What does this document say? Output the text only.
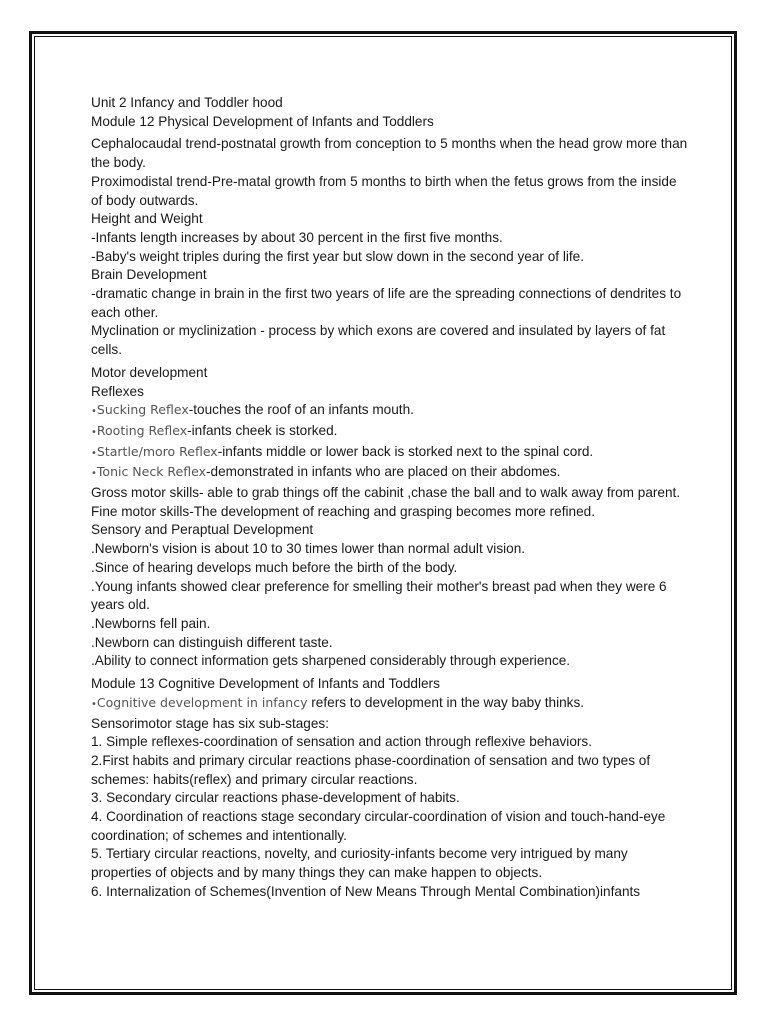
Unit 2 Infancy and Toddler hood

Module 12 Physical Development of Infants and Toddlers

Cephalocaudal trend-postnatal growth from conception to 5 months when the head grow more than the body.

Proximodistal trend-Pre-matal growth from 5 months to birth when the fetus grows from the inside of body outwards.

Height and Weight

-Infants length increases by about 30 percent in the first five months.

-Baby's weight triples during the first year but slow down in the second year of life.

Brain Development

-dramatic change in brain in the first two years of life are the spreading connections of dendrites to each other.

Myclination or myclinization - process by which exons are covered and insulated by layers of fat cells.

Motor development

Reflexes

•Sucking Reflex-touches the roof of an infants mouth.

•Rooting Reflex-infants cheek is storked.

•Startle/moro Reflex-infants middle or lower back is storked next to the spinal cord.

•Tonic Neck Reflex-demonstrated in infants who are placed on their abdomes.

Gross motor skills- able to grab things off the cabinit ,chase the ball and to walk away from parent.

Fine motor skills-The development of reaching and grasping becomes more refined.

Sensory and Peraptual Development

.Newborn's vision is about 10 to 30 times lower than normal adult vision.

.Since of hearing develops much before the birth of the body.

.Young infants showed clear preference for smelling their mother's breast pad when they were 6 years old.

.Newborns fell pain.

.Newborn can distinguish different taste.

.Ability to connect information gets sharpened considerably through experience.

Module 13 Cognitive Development of Infants and Toddlers

•Cognitive development in infancy refers to development in the way baby thinks.

Sensorimotor stage has six sub-stages:

1. Simple reflexes-coordination of sensation and action through reflexive behaviors.

2.First habits and primary circular reactions phase-coordination of sensation and two types of schemes: habits(reflex) and primary circular reactions.

3. Secondary circular reactions phase-development of habits.

4. Coordination of reactions stage secondary circular-coordination of vision and touch-hand-eye coordination; of schemes and intentionally.

5. Tertiary circular reactions, novelty, and curiosity-infants become very intrigued by many properties of objects and by many things they can make happen to objects.

6. Internalization of Schemes(Invention of New Means Through Mental Combination)infants
